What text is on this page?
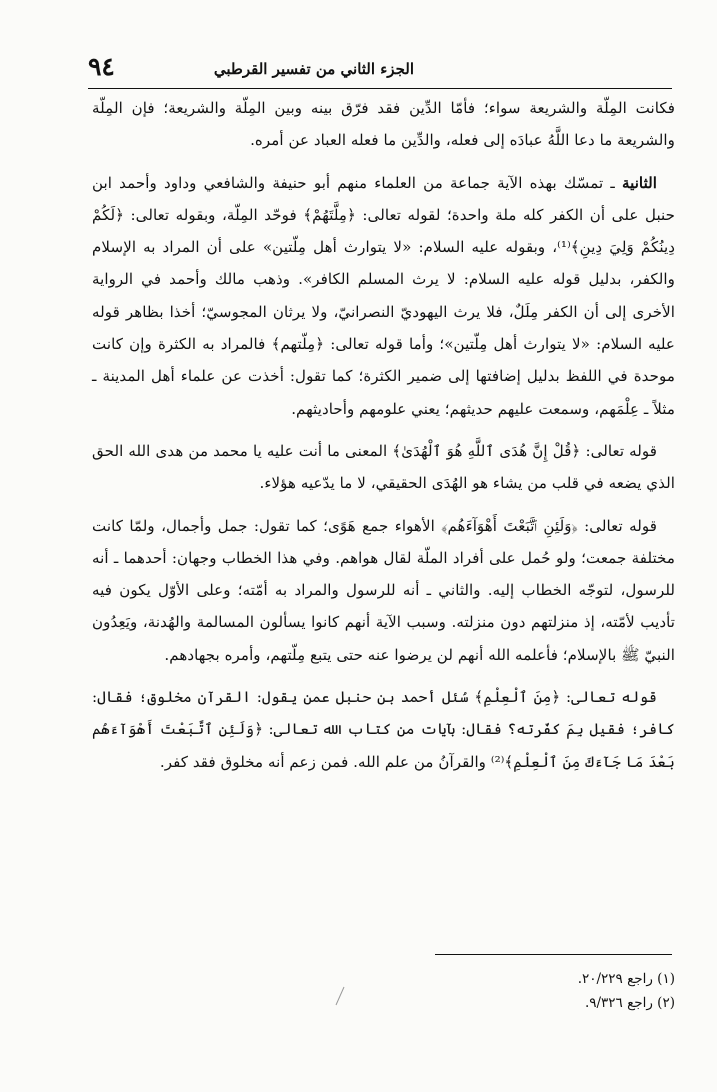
٩٤	الجزء الثاني من تفسير القرطبي

فكانت المِلّة والشريعة سواء؛ فأمّا الدِّين فقد فرّق بينه وبين المِلّة والشريعة؛ فإن المِلّة والشريعة ما دعا اللَّهُ عبادَه إلى فعله، والدِّين ما فعله العباد عن أمره.

الثانية ـ تمسّك بهذه الآية جماعة من العلماء منهم أبو حنيفة والشافعي وداود وأحمد ابن حنبل على أن الكفر كله ملة واحدة؛ لقوله تعالى: ﴿مِلَّتَهُمْ﴾ فوحّد المِلّة، وبقوله تعالى: ﴿لَكُمْ دِينُكُمْ وَلِيَ دِينِ﴾⁽¹⁾، وبقوله عليه السلام: «لا يتوارث أهل مِلّتين» على أن المراد به الإسلام والكفر، بدليل قوله عليه السلام: لا يرث المسلم الكافر». وذهب مالك وأحمد في الرواية الأخرى إلى أن الكفر مِلَلٌ، فلا يرث اليهوديّ النصرانيّ، ولا يرثان المجوسيّ؛ أخذا بظاهر قوله عليه السلام: «لا يتوارث أهل مِلّتين»؛ وأما قوله تعالى: ﴿مِلّتهم﴾ فالمراد به الكثرة وإن كانت موحدة في اللفظ بدليل إضافتها إلى ضمير الكثرة؛ كما تقول: أخذت عن علماء أهل المدينة ـ مثلاً ـ عِلْمَهم، وسمعت عليهم حديثهم؛ يعني علومهم وأحاديثهم.

قوله تعالى: ﴿قُلْ إِنَّ هُدَى ٱللَّهِ هُوَ ٱلْهُدَىٰ﴾ المعنى ما أنت عليه يا محمد من هدى الله الحق الذي يضعه في قلب من يشاء هو الهُدَى الحقيقي، لا ما يدّعيه هؤلاء.

قوله تعالى: ﴿وَلَئِنِ ٱتَّبَعْتَ أَهْوَآءَهُم﴾ الأهواء جمع هَوًى؛ كما تقول: جمل وأجمال، ولمّا كانت مختلفة جمعت؛ ولو حُمل على أفراد الملّة لقال هواهم. وفي هذا الخطاب وجهان: أحدهما ـ أنه للرسول، لتوجّه الخطاب إليه. والثاني ـ أنه للرسول والمراد به أمّته؛ وعلى الأوّل يكون فيه تأديب لأمّته، إذ منزلتهم دون منزلته. وسبب الآية أنهم كانوا يسألون المسالمة والهُدنة، ويَعِدُون النبيّ ﷺ بالإسلام؛ فأعلمه الله أنهم لن يرضوا عنه حتى يتبع مِلّتهم، وأمره بجهادهم.

قوله تعالى: ﴿مِنَ ٱلْعِلْمِ﴾ سُئل أحمد بن حنبل عمن يقول: القرآن مخلوق؛ فقال: كافر؛ فقيل بِمَ كفّرته؟ فقال: بآيات من كتاب الله تعالى: ﴿وَلَئِنِ ٱتَّبَعْتَ أَهْوَآءَهُم بَعْدَ مَا جَآءَكَ مِنَ ٱلْعِلْمِ﴾⁽²⁾ والقرآنُ من علم الله. فمن زعم أنه مخلوق فقد كفر.

(١) راجع ٢٠/٢٢٩.

(٢) راجع ٩/٣٢٦.
